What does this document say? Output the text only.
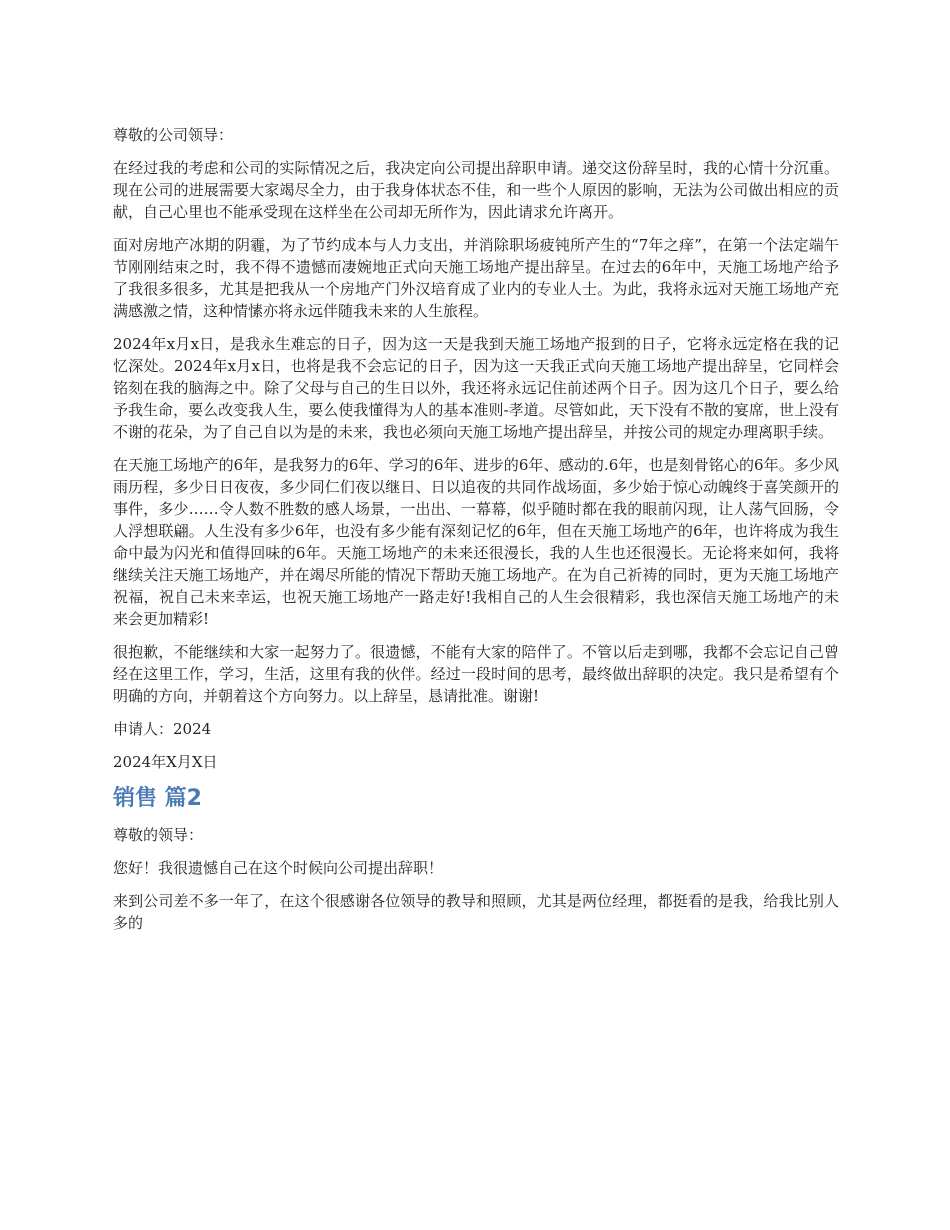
尊敬的公司领导：

在经过我的考虑和公司的实际情况之后，我决定向公司提出辞职申请。递交这份辞呈时，我的心情十分沉重。现在公司的进展需要大家竭尽全力，由于我身体状态不佳，和一些个人原因的影响，无法为公司做出相应的贡献，自己心里也不能承受现在这样坐在公司却无所作为，因此请求允许离开。

面对房地产冰期的阴霾，为了节约成本与人力支出，并消除职场疲钝所产生的“7年之痒”，在第一个法定端午节刚刚结束之时，我不得不遗憾而凄婉地正式向天施工场地产提出辞呈。在过去的6年中，天施工场地产给予了我很多很多，尤其是把我从一个房地产门外汉培育成了业内的专业人士。为此，我将永远对天施工场地产充满感激之情，这种情愫亦将永远伴随我未来的人生旅程。

2024年x月x日，是我永生难忘的日子，因为这一天是我到天施工场地产报到的日子，它将永远定格在我的记忆深处。2024年x月x日，也将是我不会忘记的日子，因为这一天我正式向天施工场地产提出辞呈，它同样会铭刻在我的脑海之中。除了父母与自己的生日以外，我还将永远记住前述两个日子。因为这几个日子，要么给予我生命，要么改变我人生，要么使我懂得为人的基本准则-孝道。尽管如此，天下没有不散的宴席，世上没有不谢的花朵，为了自己自以为是的未来，我也必须向天施工场地产提出辞呈，并按公司的规定办理离职手续。

在天施工场地产的6年，是我努力的6年、学习的6年、进步的6年、感动的.6年，也是刻骨铭心的6年。多少风雨历程，多少日日夜夜，多少同仁们夜以继日、日以追夜的共同作战场面，多少始于惊心动魄终于喜笑颜开的事件，多少……令人数不胜数的感人场景，一出出、一幕幕，似乎随时都在我的眼前闪现，让人荡气回肠，令人浮想联翩。人生没有多少6年，也没有多少能有深刻记忆的6年，但在天施工场地产的6年，也许将成为我生命中最为闪光和值得回味的6年。天施工场地产的未来还很漫长，我的人生也还很漫长。无论将来如何，我将继续关注天施工场地产，并在竭尽所能的情况下帮助天施工场地产。在为自己祈祷的同时，更为天施工场地产祝福，祝自己未来幸运，也祝天施工场地产一路走好!我相自己的人生会很精彩，我也深信天施工场地产的未来会更加精彩!

很抱歉，不能继续和大家一起努力了。很遗憾，不能有大家的陪伴了。不管以后走到哪，我都不会忘记自己曾经在这里工作，学习，生活，这里有我的伙伴。经过一段时间的思考，最终做出辞职的决定。我只是希望有个明确的方向，并朝着这个方向努力。以上辞呈，恳请批准。谢谢!

申请人：2024

2024年X月X日

销售 篇2

尊敬的领导：

您好！我很遗憾自己在这个时候向公司提出辞职！

来到公司差不多一年了，在这个很感谢各位领导的教导和照顾，尤其是两位经理，都挺看的是我，给我比别人多的
